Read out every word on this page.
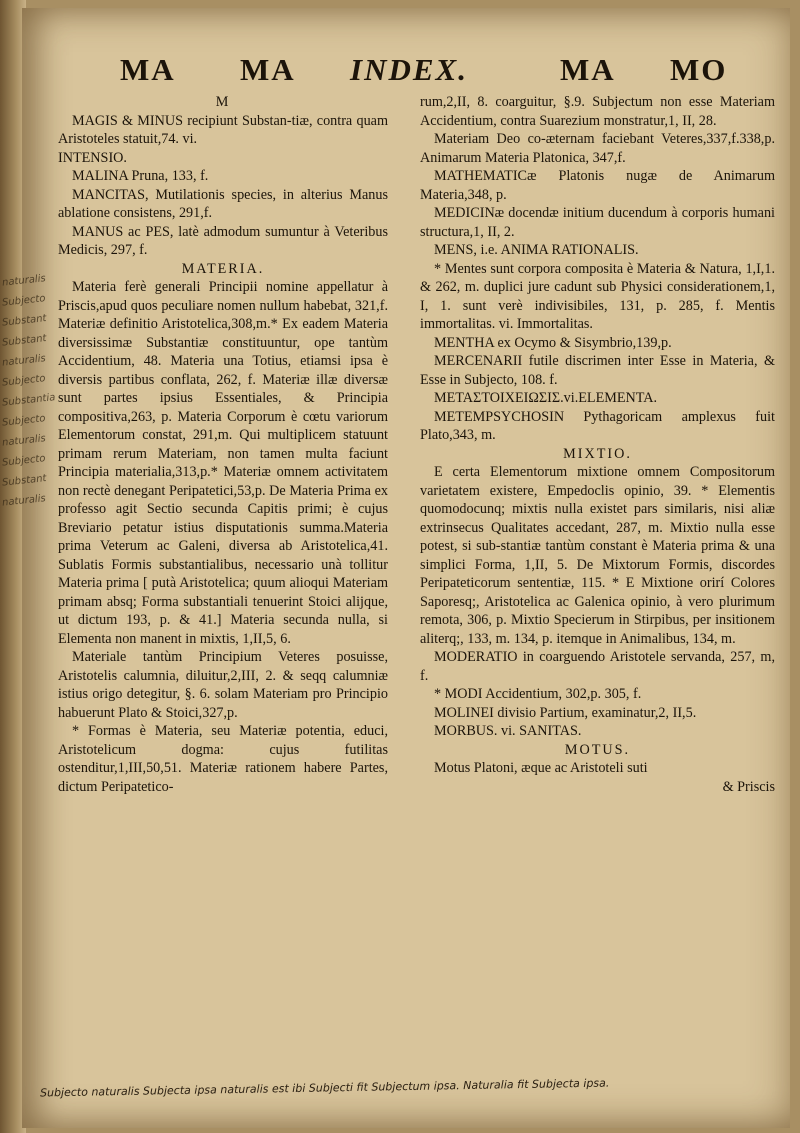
MA MA INDEX.	MA MO

M

MAGIS & MINUS recipiunt Substan-tiæ, contra quam Aristoteles statuit,74. vi.

INTENSIO.

MALINA Pruna, 133, f.

MANCITAS, Mutilationis species, in alterius Manus ablatione consistens, 291,f.

MANUS ac PES, latè admodum sumuntur à Veteribus Medicis, 297, f.

MATERIA.

Materia ferè generali Principii nomine appellatur à Priscis,apud quos peculiare nomen nullum habebat, 321,f. Materiæ definitio Aristotelica,308,m.* Ex eadem Materia diversissimæ Substantiæ constituuntur, ope tantùm Accidentium, 48. Materia una Totius, etiamsi ipsa è diversis partibus conflata, 262, f. Materiæ illæ diversæ sunt partes ipsius Essentiales, & Principia compositiva,263, p. Materia Corporum è cœtu variorum Elementorum constat, 291,m. Qui multiplicem statuunt primam rerum Materiam, non tamen multa faciunt Principia materialia,313,p.* Materiæ omnem activitatem non rectè denegant Peripatetici,53,p. De Materia Prima ex professo agit Sectio secunda Capitis primi; è cujus Breviario petatur istius disputationis summa.Materia prima Veterum ac Galeni, diversa ab Aristotelica,41. Sublatis Formis substantialibus, necessario unà tollitur Materia prima [ putà Aristotelica; quum alioqui Materiam primam absq; Forma substantiali tenuerint Stoici alijque, ut dictum 193, p. & 41.] Materia secunda nulla, si Elementa non manent in mixtis, 1,II,5, 6.

Materiale tantùm Principium Veteres posuisse, Aristotelis calumnia, diluitur,2,III, 2. & seqq calumniæ istius origo detegitur, §. 6. solam Materiam pro Principio habuerunt Plato & Stoici,327,p.

* Formas è Materia, seu Materiæ potentia, educi, Aristotelicum dogma: cujus futilitas ostenditur,1,III,50,51. Materiæ rationem habere Partes, dictum Peripatetico-

rum,2,II, 8. coarguitur, §.9. Subjectum non esse Materiam Accidentium, contra Suarezium monstratur,1, II, 28.

Materiam Deo co-æternam faciebant Veteres,337,f.338,p. Animarum Materia Platonica, 347,f.

MATHEMATICæ Platonis nugæ de Animarum Materia,348, p.

MEDICINæ docendæ initium ducendum à corporis humani structura,1, II, 2.

MENS, i.e. ANIMA RATIONALIS.

* Mentes sunt corpora composita è Materia & Natura, 1,I,1. & 262, m. duplici jure cadunt sub Physici considerationem,1, I, 1. sunt verè indivisibiles, 131, p. 285, f. Mentis immortalitas. vi. Immortalitas.

MENTHA ex Ocymo & Sisymbrio,139,p.

MERCENARII futile discrimen inter Esse in Materia, & Esse in Subjecto, 108. f.

METAΣTOIXEIΩΣIΣ.vi.ELEMENTA.

METEMPSYCHOSIN Pythagoricam amplexus fuit Plato,343, m.

MIXTIO.

E certa Elementorum mixtione omnem Compositorum varietatem existere, Empedoclis opinio, 39. * Elementis quomodocunq; mixtis nulla existet pars similaris, nisi aliæ extrinsecus Qualitates accedant, 287, m. Mixtio nulla esse potest, si sub-stantiæ tantùm constant è Materia prima & una simplici Forma, 1,II, 5. De Mixtorum Formis, discordes Peripateticorum sententiæ, 115. * E Mixtione orirí Colores Saporesq;, Aristotelica ac Galenica opinio, à vero plurimum remota, 306, p. Mixtio Specierum in Stirpibus, per insitionem aliterq;, 133, m. 134, p. itemque in Animalibus, 134, m.

MODERATIO in coarguendo Aristotele servanda, 257, m, f.

* MODI Accidentium, 302,p. 305, f.

MOLINEI divisio Partium, examinatur,2, II,5.

MORBUS. vi. SANITAS.

MOTUS.

Motus Platoni, æque ac Aristoteli suti

& Priscis

naturalis
Subjecto
Substant
Substant
naturalis
Subjecto
Substantia
Subjecto
naturalis
Subjecto
Substant
naturalis
Subjecto naturalis Subjecta ipsa naturalis est ibi Subjecti fit Subjectum ipsa. Naturalia fit Subjecta ipsa.
